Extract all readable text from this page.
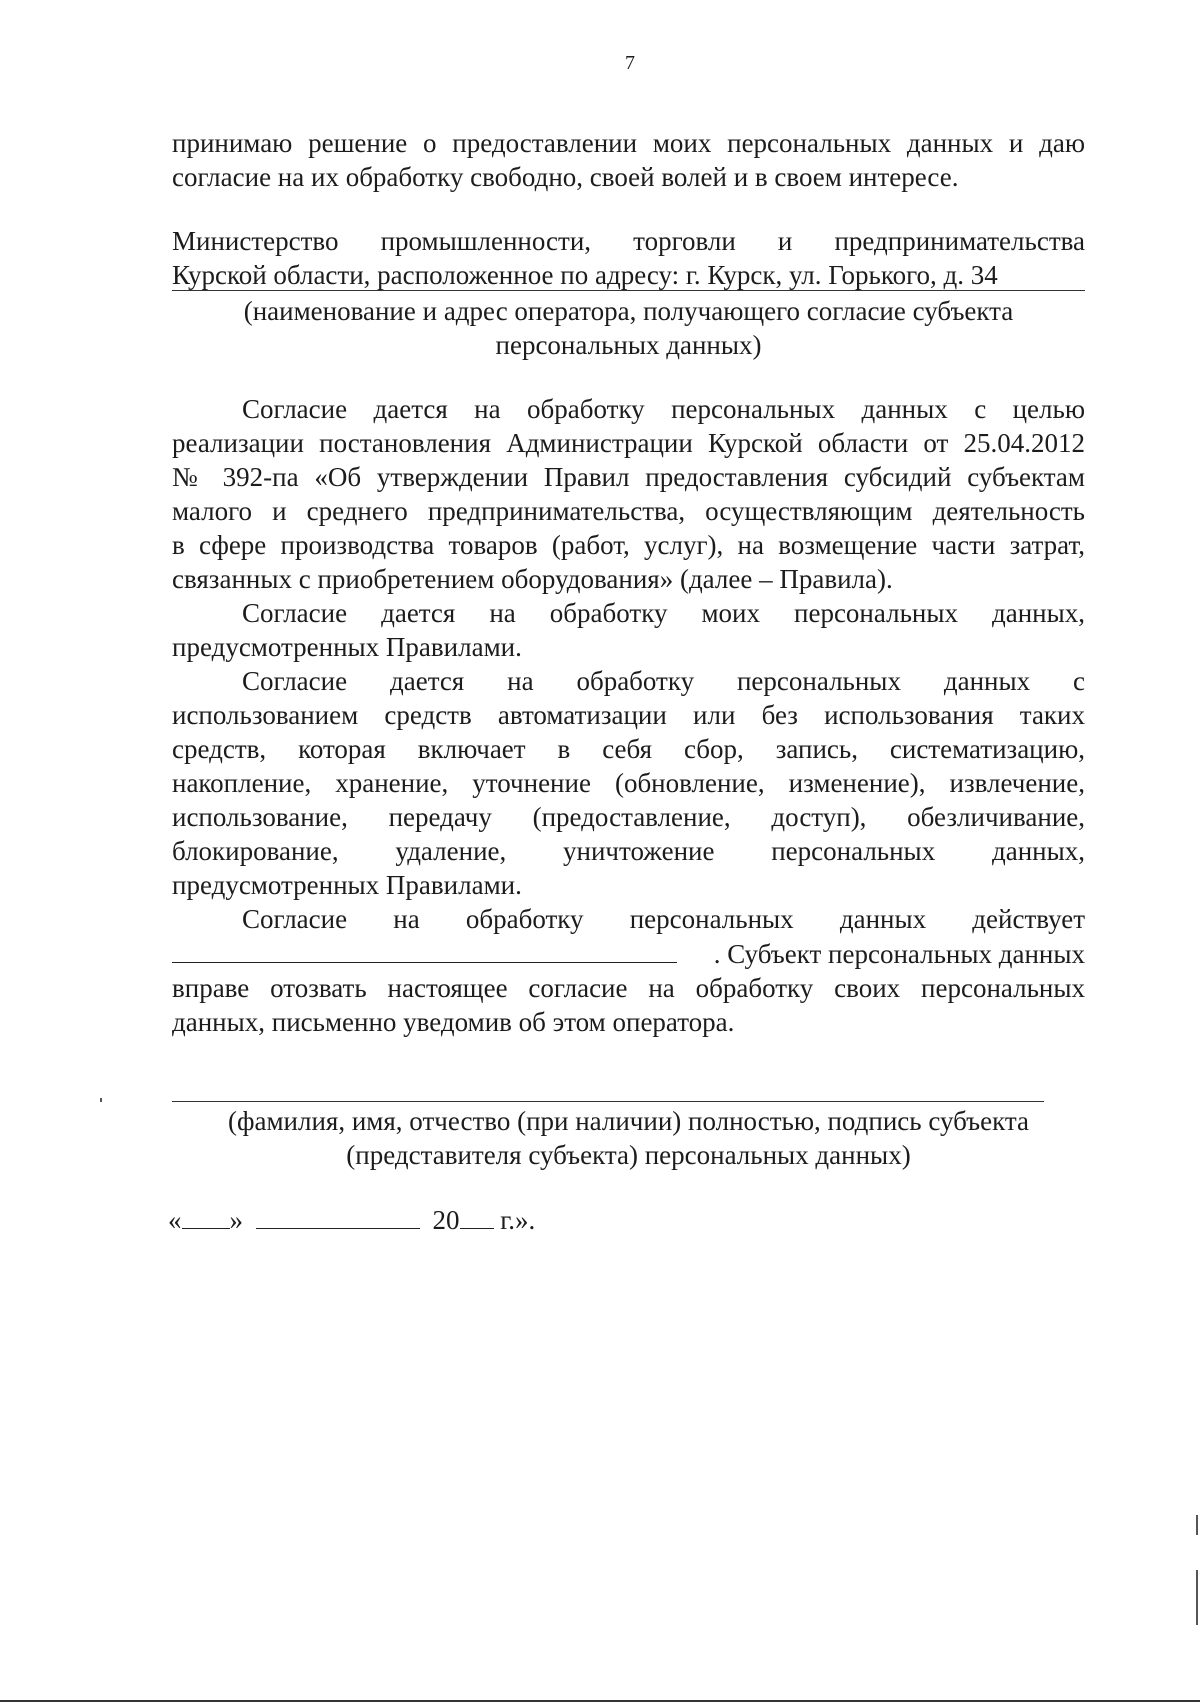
7

принимаю решение о предоставлении моих персональных данных и даю

согласие на их обработку свободно, своей волей и в своем интересе.

Министерство промышленности, торговли и предпринимательства

Курской области, расположенное по адресу: г. Курск, ул. Горького, д. 34

(наименование и адрес оператора, получающего согласие субъекта

персональных данных)

Согласие дается на обработку персональных данных с целью

реализации постановления Администрации Курской области от 25.04.2012

№ 392-па «Об утверждении Правил предоставления субсидий субъектам

малого и среднего предпринимательства, осуществляющим деятельность

в сфере производства товаров (работ, услуг), на возмещение части затрат,

связанных с приобретением оборудования» (далее – Правила).

Согласие дается на обработку моих персональных данных,

предусмотренных Правилами.

Согласие дается на обработку персональных данных с

использованием средств автоматизации или без использования таких

средств, которая включает в себя сбор, запись, систематизацию,

накопление, хранение, уточнение (обновление, изменение), извлечение,

использование, передачу (предоставление, доступ), обезличивание,

блокирование, удаление, уничтожение персональных данных,

предусмотренных Правилами.

Согласие на обработку персональных данных действует

. Субъект персональных данных

вправе отозвать настоящее согласие на обработку своих персональных

данных, письменно уведомив об этом оператора.

(фамилия, имя, отчество (при наличии) полностью, подпись субъекта

(представителя субъекта) персональных данных)

« »	20 г.».
